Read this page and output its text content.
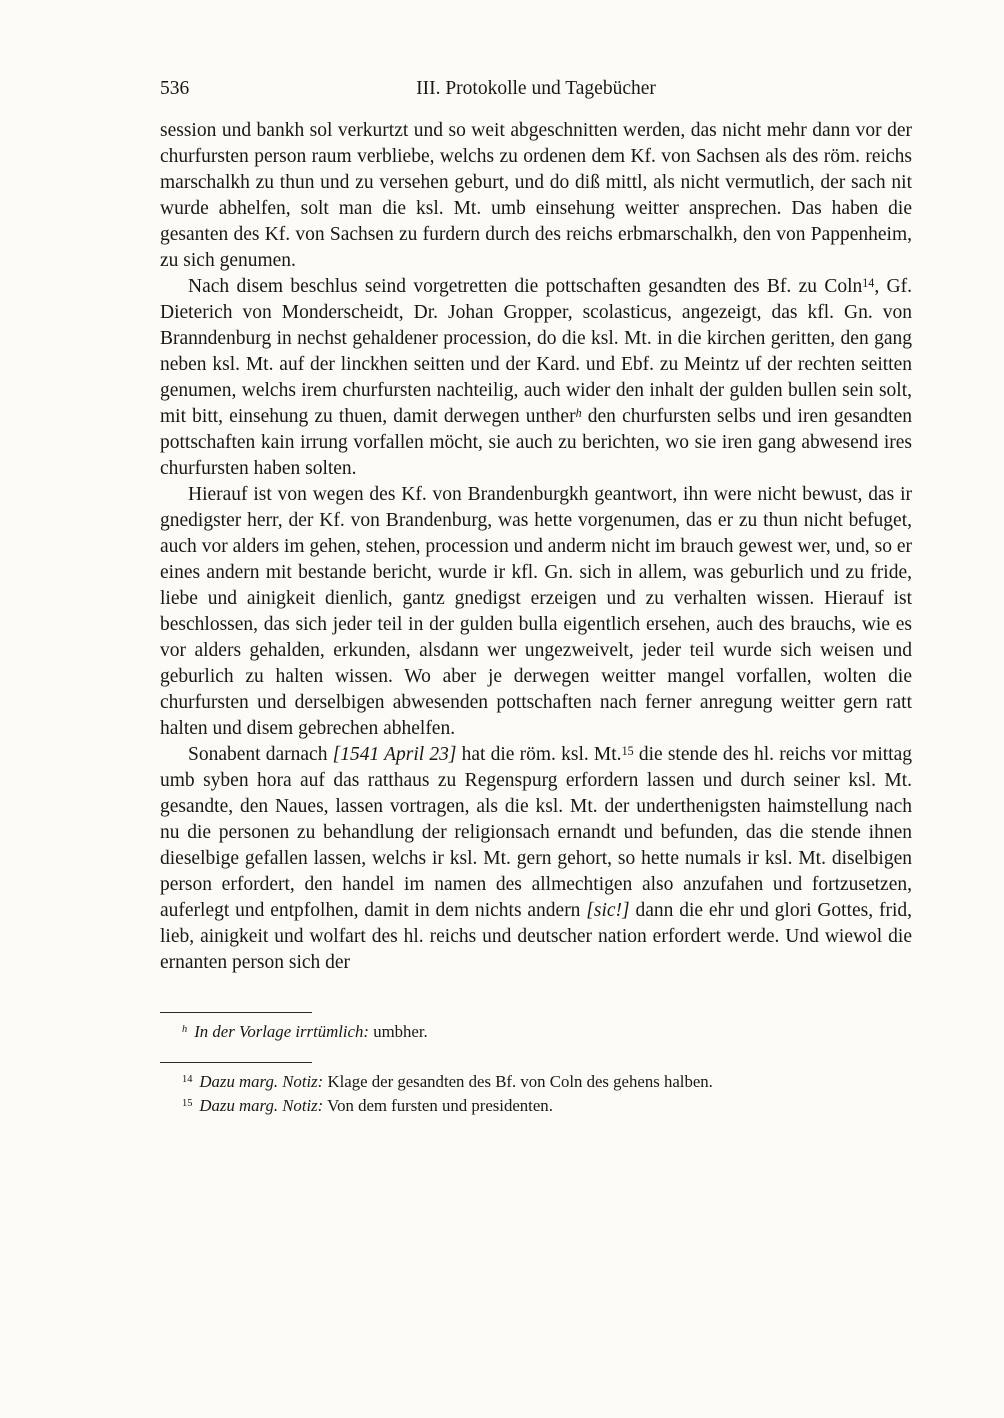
536	III. Protokolle und Tagebücher

session und bankh sol verkurtzt und so weit abgeschnitten werden, das nicht mehr dann vor der churfursten person raum verbliebe, welchs zu ordenen dem Kf. von Sachsen als des röm. reichs marschalkh zu thun und zu versehen geburt, und do diß mittl, als nicht vermutlich, der sach nit wurde abhelfen, solt man die ksl. Mt. umb einsehung weitter ansprechen. Das haben die gesanten des Kf. von Sachsen zu furdern durch des reichs erbmarschalkh, den von Pappenheim, zu sich genumen.

Nach disem beschlus seind vorgetretten die pottschaften gesandten des Bf. zu Coln$^{14}$, Gf. Dieterich von Monderscheidt, Dr. Johan Gropper, scolasticus, angezeigt, das kfl. Gn. von Branndenburg in nechst gehaldener procession, do die ksl. Mt. in die kirchen geritten, den gang neben ksl. Mt. auf der linckhen seitten und der Kard. und Ebf. zu Meintz uf der rechten seitten genumen, welchs irem churfursten nachteilig, auch wider den inhalt der gulden bullen sein solt, mit bitt, einsehung zu thuen, damit derwegen unther$^h$ den churfursten selbs und iren gesandten pottschaften kain irrung vorfallen möcht, sie auch zu berichten, wo sie iren gang abwesend ires churfursten haben solten.

Hierauf ist von wegen des Kf. von Brandenburgkh geantwort, ihn were nicht bewust, das ir gnedigster herr, der Kf. von Brandenburg, was hette vorgenumen, das er zu thun nicht befuget, auch vor alders im gehen, stehen, procession und anderm nicht im brauch gewest wer, und, so er eines andern mit bestande bericht, wurde ir kfl. Gn. sich in allem, was geburlich und zu fride, liebe und ainigkeit dienlich, gantz gnedigst erzeigen und zu verhalten wissen. Hierauf ist beschlossen, das sich jeder teil in der gulden bulla eigentlich ersehen, auch des brauchs, wie es vor alders gehalden, erkunden, alsdann wer ungezweivelt, jeder teil wurde sich weisen und geburlich zu halten wissen. Wo aber je derwegen weitter mangel vorfallen, wolten die churfursten und derselbigen abwesenden pottschaften nach ferner anregung weitter gern ratt halten und disem gebrechen abhelfen.

Sonabent darnach [1541 April 23] hat die röm. ksl. Mt.$^{15}$ die stende des hl. reichs vor mittag umb syben hora auf das ratthaus zu Regenspurg erfordern lassen und durch seiner ksl. Mt. gesandte, den Naues, lassen vortragen, als die ksl. Mt. der underthenigsten haimstellung nach nu die personen zu behandlung der religionsach ernandt und befunden, das die stende ihnen dieselbige gefallen lassen, welchs ir ksl. Mt. gern gehort, so hette numals ir ksl. Mt. diselbigen person erfordert, den handel im namen des allmechtigen also anzufahen und fortzusetzen, auferlegt und entpfolhen, damit in dem nichts andern [sic!] dann die ehr und glori Gottes, frid, lieb, ainigkeit und wolfart des hl. reichs und deutscher nation erfordert werde. Und wiewol die ernanten person sich der

$^h$ In der Vorlage irrtümlich: umbher.

$^{14}$ Dazu marg. Notiz: Klage der gesandten des Bf. von Coln des gehens halben.

$^{15}$ Dazu marg. Notiz: Von dem fursten und presidenten.
